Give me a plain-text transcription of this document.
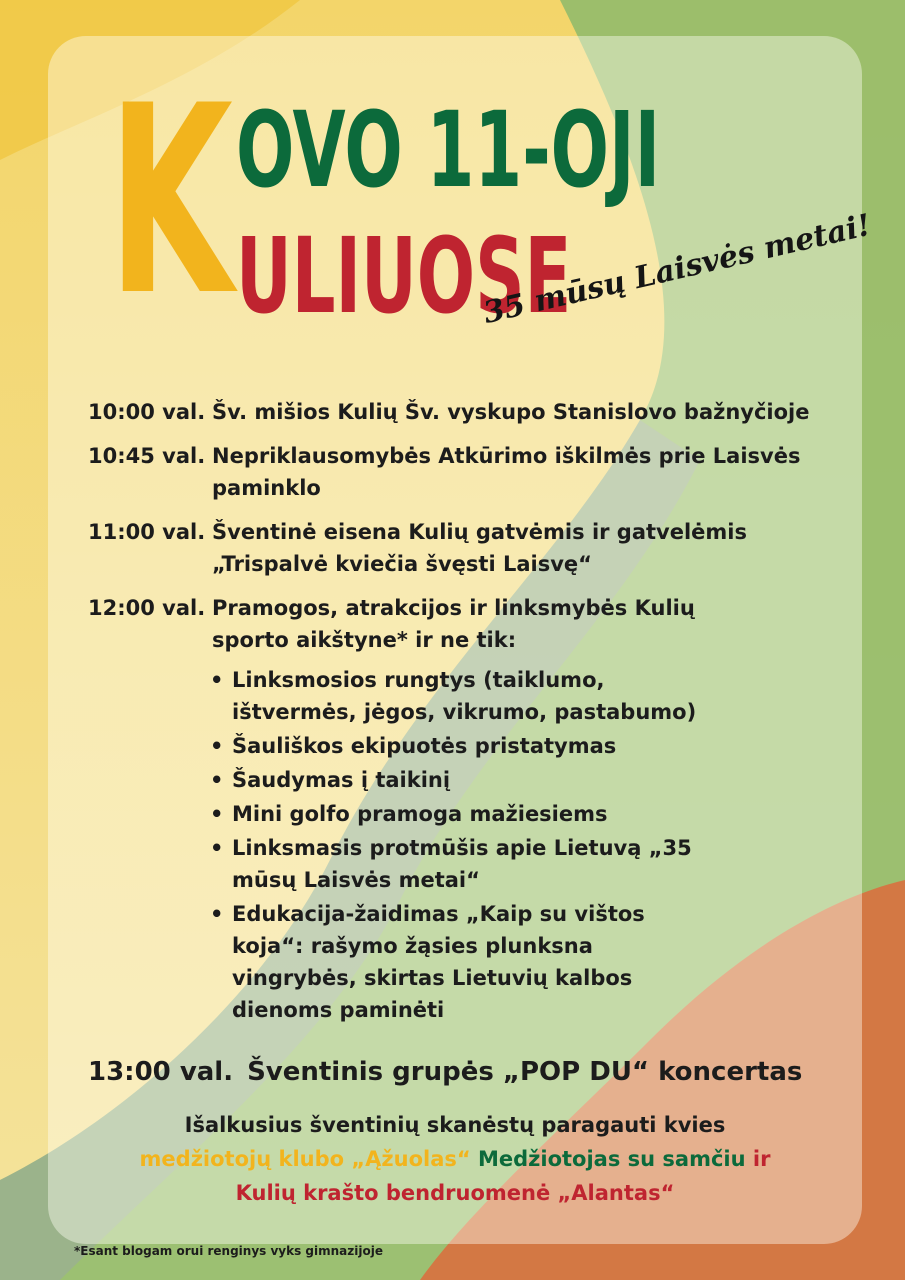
K OVO 11-OJI
ULIUOSE
35 mūsų Laisvės metai!
10:00 val. Šv. mišios Kulių Šv. vyskupo Stanislovo bažnyčioje
10:45 val. Nepriklausomybės Atkūrimo iškilmės prie Laisvės paminklo
11:00 val. Šventinė eisena Kulių gatvėmis ir gatvelėmis „Trispalvė kviečia švęsti Laisvę“
12:00 val. Pramogos, atrakcijos ir linksmybės Kulių sporto aikštyne* ir ne tik:
• Linksmosios rungtys (taiklumo, ištvermės, jėgos, vikrumo, pastabumo)
• Šauliškos ekipuotės pristatymas
• Šaudymas į taikinį
• Mini golfo pramoga mažiesiems
• Linksmasis protmūšis apie Lietuvą „35 mūsų Laisvės metai“
• Edukacija-žaidimas „Kaip su vištos koja“: rašymo žąsies plunksna vingrybės, skirtas Lietuvių kalbos dienoms paminėti
13:00 val. Šventinis grupės „POP DU“ koncertas
Išalkusius šventinių skanėstų paragauti kvies
medžiotojų klubo „Ąžuolas“ Medžiotojas su samčiu ir
Kulių krašto bendruomenė „Alantas“
*Esant blogam orui renginys vyks gimnazijoje
